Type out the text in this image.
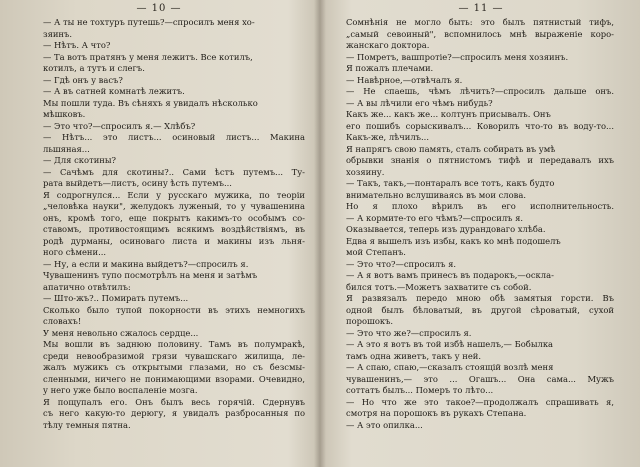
— 10 —
— А ты не тохтуръ путешь?—спросилъ меня хо-
зяинъ.
— Нѣтъ. А что?
— Та вотъ пратянъ у меня лежитъ. Все котилъ,
котилъ, а тутъ и слегъ.
— Гдѣ онъ у васъ?
— А въ сатней комнатѣ лежитъ.
Мы пошли туда. Въ сѣняхъ я увидалъ нѣсколько
мѣшковъ.
— Это что?—спросилъ я.— Хлѣбъ?
— Нѣтъ... это листъ... осиновый листъ... Макина
льшяная...
— Для скотины?
— Сачѣмъ для скотины?.. Сами ѣстъ путемъ... Ту-
рата выйдетъ—листъ, осину ѣсть путемъ...
Я содрогнулся... Если у русскаго мужика, по теоріи
„человѣка науки", желудокъ луженый, то у чувашенина
онъ, кромѣ того, еще покрытъ какимъ-то особымъ со-
ставомъ, противостоящимъ всякимъ воздѣйствіямъ, въ
родѣ дурманы, осиноваго листа и макины изъ льня-
ного сѣмени...
— Ну, а если и макина выйдетъ?—спросилъ я.
Чувашенинъ тупо посмотрѣлъ на меня и затѣмъ
апатично отвѣтилъ:
— Што-жъ?.. Помирать путемъ...
Сколько было тупой покорности въ этихъ немногихъ
словахъ!
У меня невольно сжалось сердце...
Мы вошли въ заднюю половину. Тамъ въ полумракѣ,
среди невообразимой грязи чувашскаго жилища, ле-
жалъ мужикъ съ открытыми глазами, но съ безсмы-
сленными, ничего не понимающими взорами. Очевидно,
у него уже было воспаленіе мозга.
Я пощупалъ его. Онъ былъ весь горячій. Сдернувъ
съ него какую-то дерюгу, я увидалъ разбросанныя по
тѣлу темныя пятна.
— 11 —
Сомнѣнія не могло быть: это былъ пятнистый тифъ,
„самый севоиный", вспомнилось мнѣ выраженіе коро-
жанскаго доктора.
— Помретъ, вашпротіе?—спросилъ меня хозяинъ.
Я пожалъ плечами.
— Навѣрное,—отвѣчалъ я.
— Не спаешь, чѣмъ лѣчить?—спросилъ дальше онъ.
— А вы лѣчили его чѣмъ нибудь?
Какъ же... какъ же... колтунъ присывалъ. Онъ
его пошибъ сорыскивалъ... Коворилъ что-то въ воду-то...
Какъ-же, лѣчилъ...
Я напрягъ свою память, сталъ собирать въ умѣ
обрывки знанія о пятнистомъ тифѣ и передавалъ ихъ
хозяину.
— Такъ, такъ,—понтаралъ все тотъ, какъ будто
внимательно вслушиваясь въ мои слова.
Но я плохо вѣрилъ въ его исполнительность.
— А кормите-то его чѣмъ?—спросилъ я.
Оказывается, теперь изъ дурандоваго хлѣба.
Едва я вышелъ изъ избы, какъ ко мнѣ подошелъ
мой Степанъ.
— Это что?—спросилъ я.
— А я вотъ вамъ принесъ въ подарокъ,—осклa-
бился тотъ.—Можетъ захватите съ собой.
Я развязалъ передо мною обѣ замятыя горсти. Въ
одной былъ бѣловатый, въ другой сѣроватый, сухой
порошокъ.
— Это что же?—спросилъ я.
— А это я вотъ въ той избѣ нашелъ,— Бобылка
тамъ одна живетъ, такъ у ней.
— А спаю, спаю,—сказалъ стоящій возлѣ меня
чувашенинъ,— это ... Огашъ... Она сама... Мужъ
соттатъ былъ... Померъ то лѣто...
— Но что же это такое?—продолжалъ спрашивать я,
смотря на порошокъ въ рукахъ Степана.
— А это опилка...
